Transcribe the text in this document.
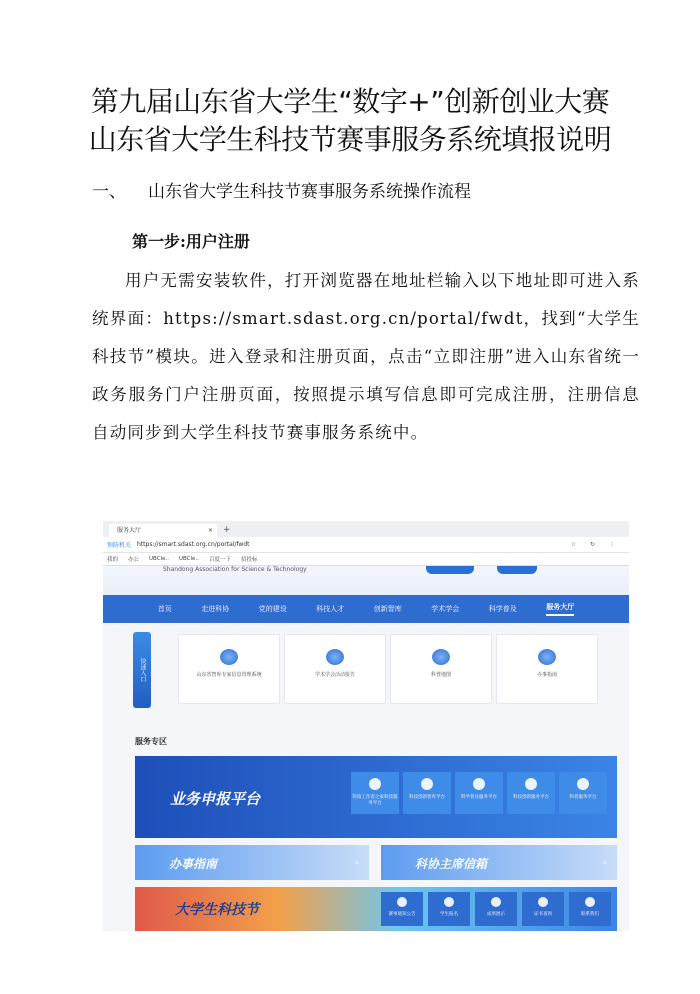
第九届山东省大学生“数字+”创新创业大赛
山东省大学生科技节赛事服务系统填报说明
一、 山东省大学生科技节赛事服务系统操作流程
第一步:用户注册
用户无需安装软件，打开浏览器在地址栏输入以下地址即可进入系统界面：https://smart.sdast.org.cn/portal/fwdt，找到“大学生科技节”模块。进入登录和注册页面，点击“立即注册”进入山东省统一政务服务门户注册页面，按照提示填写信息即可完成注册，注册信息自动同步到大学生科技节赛事服务系统中。
服务大厅	× +
预防机关 https://smart.sdast.org.cn/portal/fwdt	☆ ↻ ⋮
我的 办公 UBCle.. UBCle.. 百度一下 招投标
Shandong Association for Science & Technology
首页	走进科协	党的建设	科技人才	创新智库	学术学会	科学普及	服务大厅
快速入口	山东省智库专家信息管理系统	学术学会活动报告	科普地图	办事指南
服务专区
业务申报平台	科技工作者之家科技服务平台
科技创新智库平台	科学普及服务平台	科技创新服务平台	科普服务平台
办事指南	»	科协主席信箱	»
大学生科技节	赛事通知公告	学生报名	成果展示	证书查询	联系我们
